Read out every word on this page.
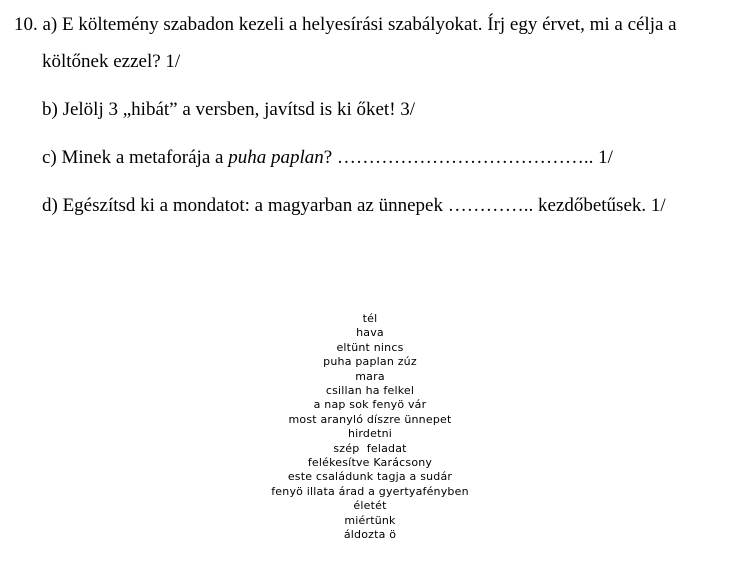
10. a) E költemény szabadon kezeli a helyesírási szabályokat. Írj egy érvet, mi a célja a
költőnek ezzel? 1/
b) Jelölj 3 „hibát” a versben, javítsd is ki őket! 3/
c) Minek a metaforája a puha paplan? ………………………………….. 1/
d) Egészítsd ki a mondatot: a magyarban az ünnepek ………….. kezdőbetűsek. 1/
tél
hava
eltünt nincs
puha paplan zúz
mara
csillan ha felkel
a nap sok fenyö vár
most aranyló díszre ünnepet
hirdetni
szép  feladat
felékesítve Karácsony
este családunk tagja a sudár
fenyö illata árad a gyertyafényben
életét
miértünk
áldozta ö
